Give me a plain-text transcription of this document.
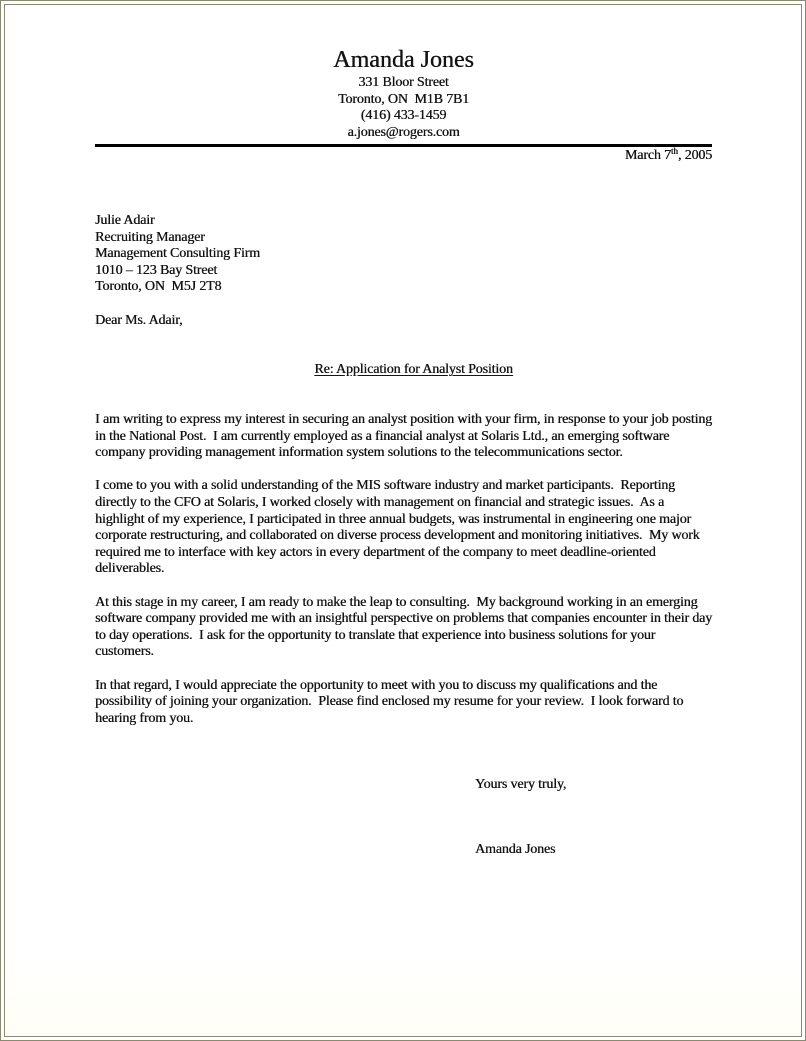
Amanda Jones
331 Bloor Street
Toronto, ON  M1B 7B1
(416) 433-1459
a.jones@rogers.com
March 7th, 2005
Julie Adair
Recruiting Manager
Management Consulting Firm
1010 – 123 Bay Street
Toronto, ON  M5J 2T8
Dear Ms. Adair,

Re: Application for Analyst Position

I am writing to express my interest in securing an analyst position with your firm, in response to your job posting in the National Post.  I am currently employed as a financial analyst at Solaris Ltd., an emerging software company providing management information system solutions to the telecommunications sector.

I come to you with a solid understanding of the MIS software industry and market participants.  Reporting directly to the CFO at Solaris, I worked closely with management on financial and strategic issues.  As a highlight of my experience, I participated in three annual budgets, was instrumental in engineering one major corporate restructuring, and collaborated on diverse process development and monitoring initiatives.  My work required me to interface with key actors in every department of the company to meet deadline-oriented deliverables.

At this stage in my career, I am ready to make the leap to consulting.  My background working in an emerging software company provided me with an insightful perspective on problems that companies encounter in their day to day operations.  I ask for the opportunity to translate that experience into business solutions for your customers.

In that regard, I would appreciate the opportunity to meet with you to discuss my qualifications and the possibility of joining your organization.  Please find enclosed my resume for your review.  I look forward to hearing from you.

Yours very truly,
Amanda Jones
